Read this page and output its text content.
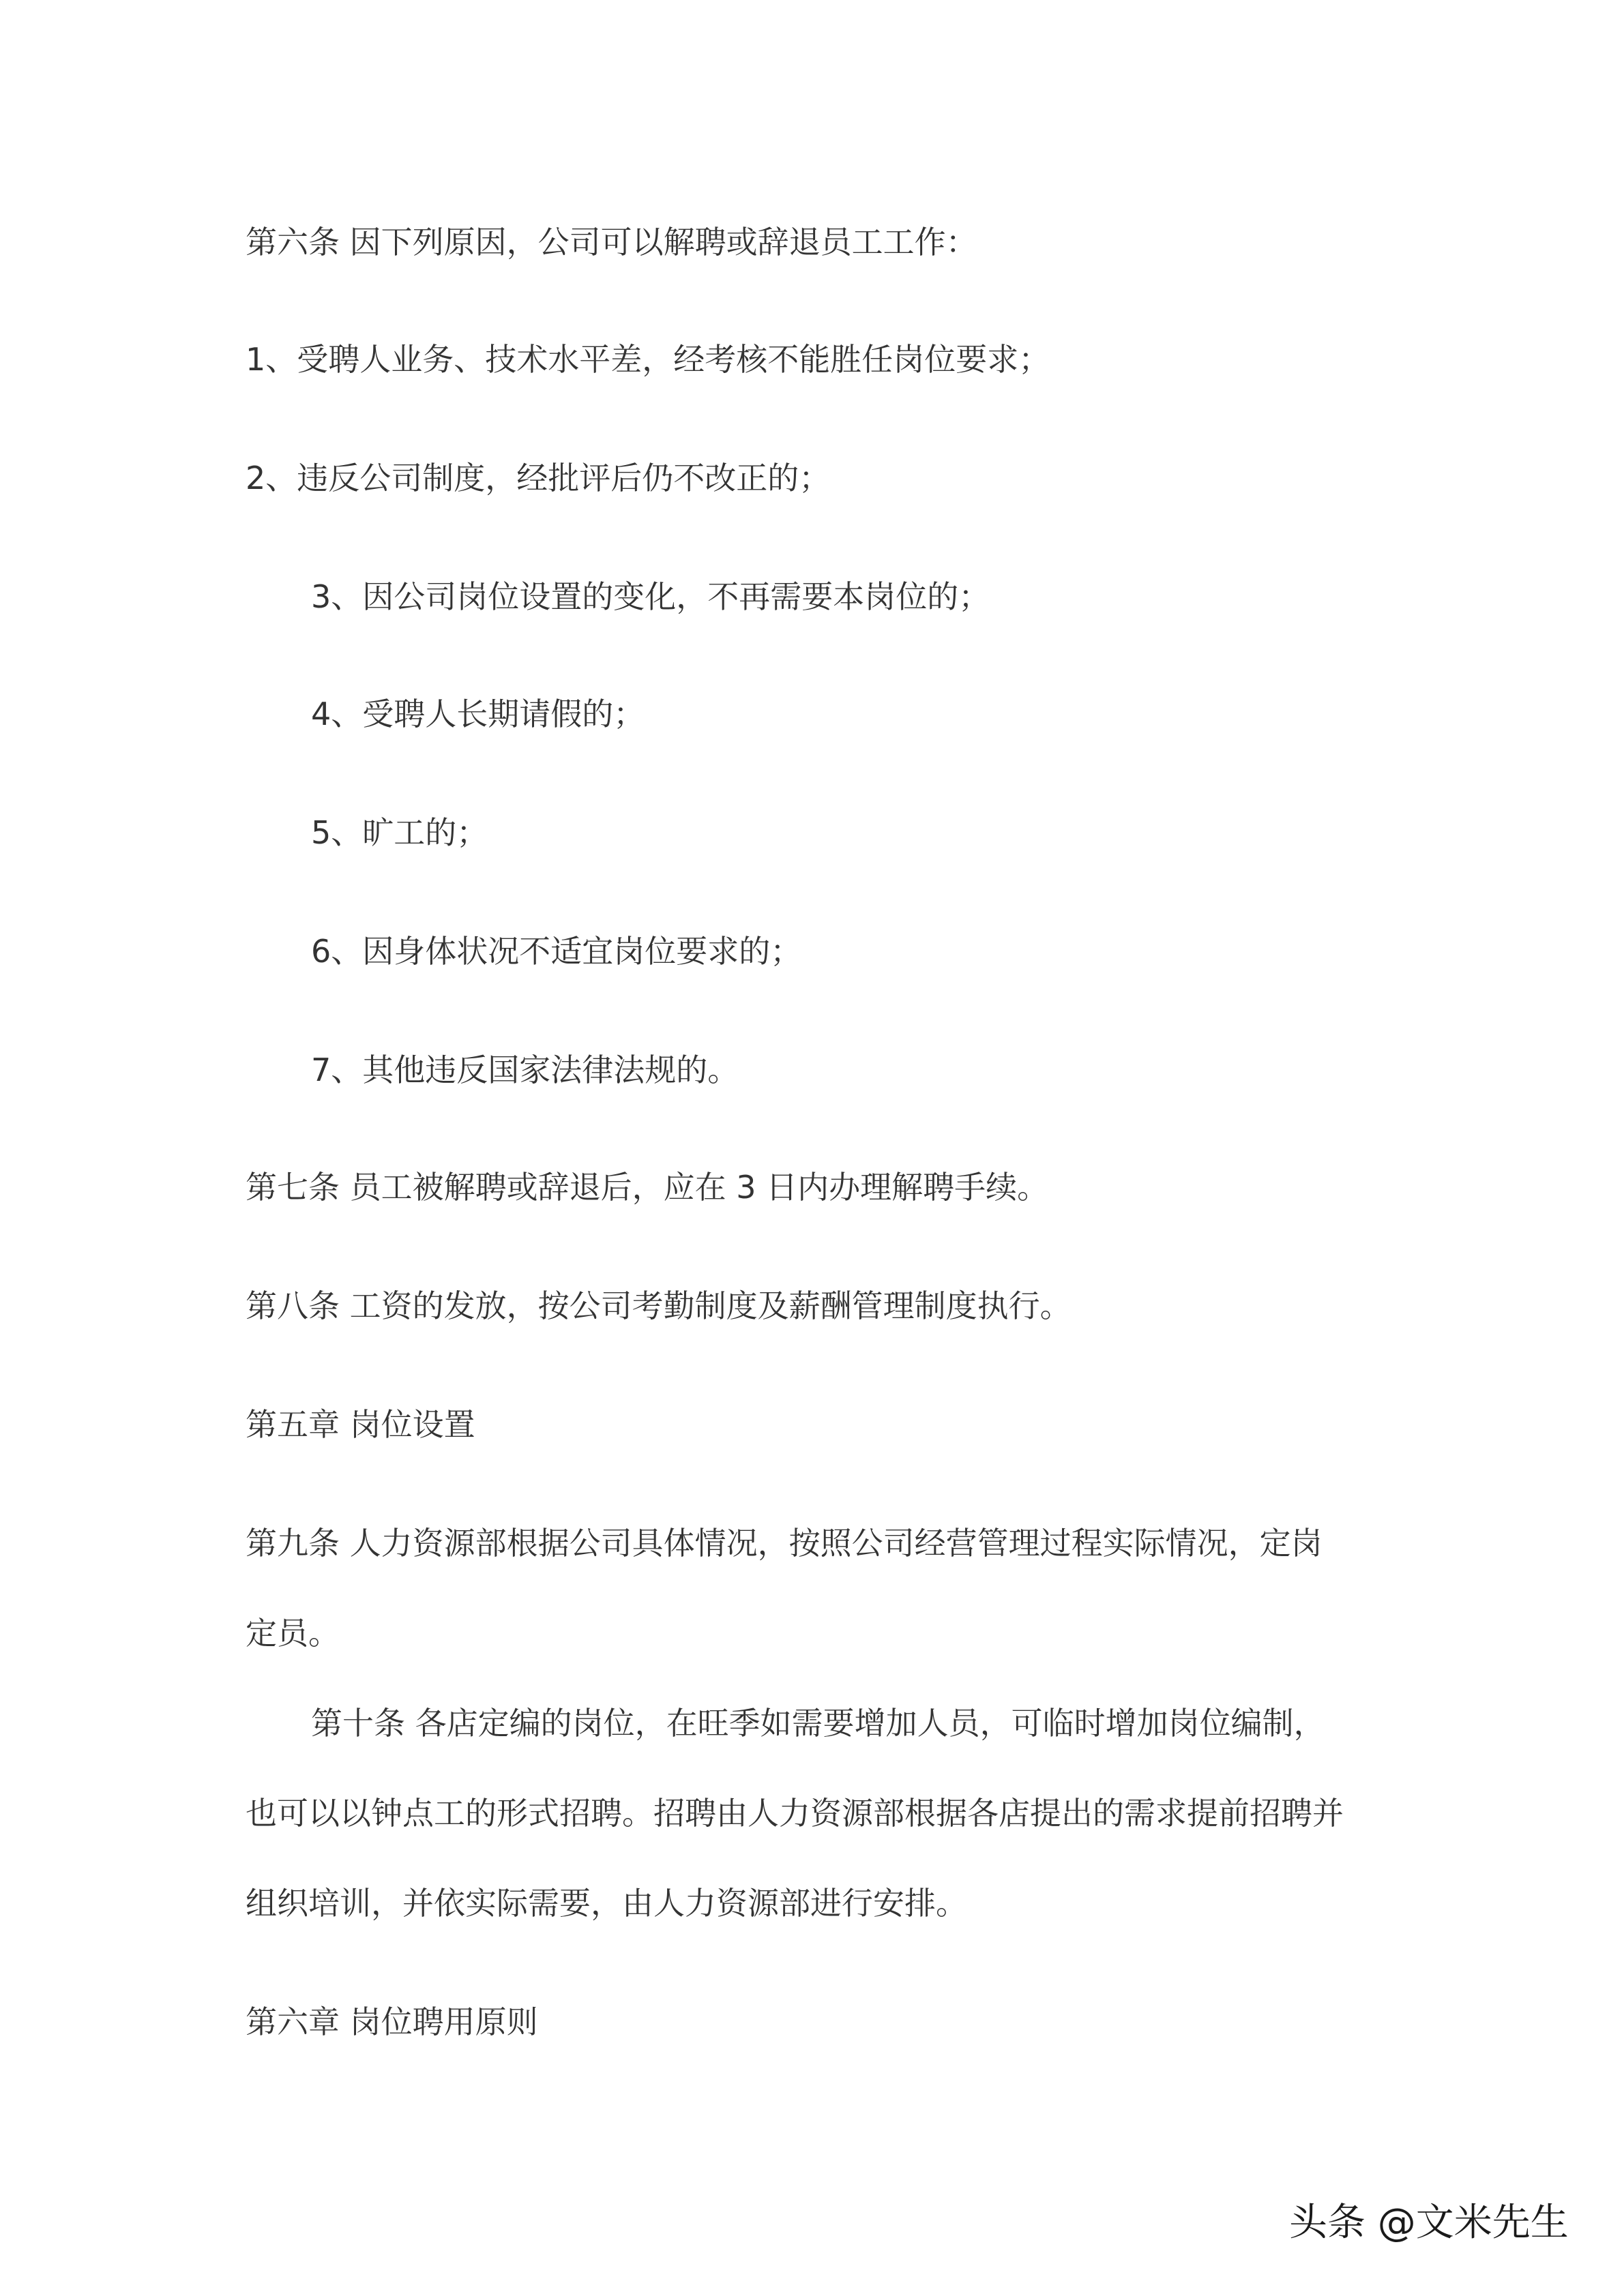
第六条 因下列原因，公司可以解聘或辞退员工工作：
1、受聘人业务、技术水平差，经考核不能胜任岗位要求；
2、违反公司制度，经批评后仍不改正的；
3、因公司岗位设置的变化，不再需要本岗位的；
4、受聘人长期请假的；
5、旷工的；
6、因身体状况不适宜岗位要求的；
7、其他违反国家法律法规的。
第七条 员工被解聘或辞退后，应在 3 日内办理解聘手续。
第八条 工资的发放，按公司考勤制度及薪酬管理制度执行。
第五章 岗位设置
第九条 人力资源部根据公司具体情况，按照公司经营管理过程实际情况，定岗
定员。
第十条 各店定编的岗位，在旺季如需要增加人员，可临时增加岗位编制，
也可以以钟点工的形式招聘。招聘由人力资源部根据各店提出的需求提前招聘并
组织培训，并依实际需要，由人力资源部进行安排。
第六章 岗位聘用原则
头条 @文米先生
